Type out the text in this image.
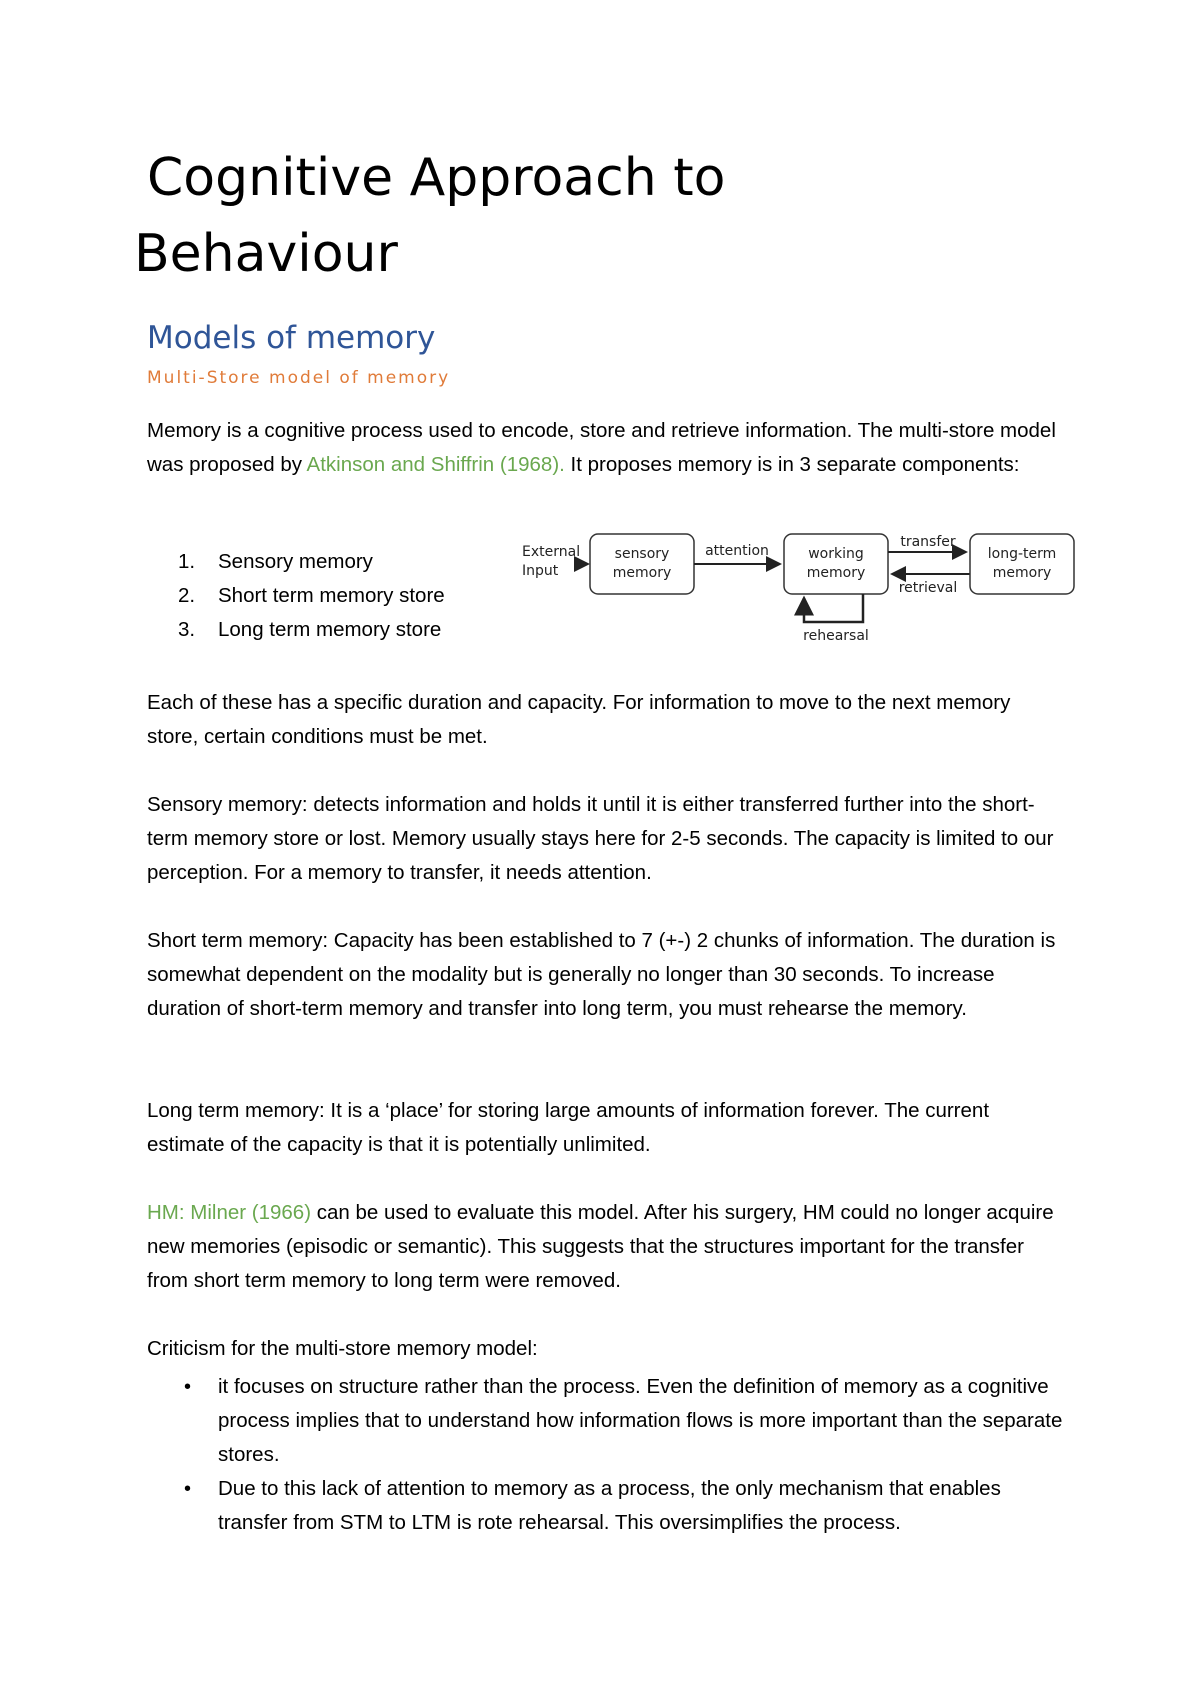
Cognitive Approach to
Behaviour
Models of memory
Multi-Store model of memory

Memory is a cognitive process used to encode, store and retrieve information. The multi-store model was proposed by Atkinson and Shiffrin (1968). It proposes memory is in 3 separate components:

1. Sensory memory
2. Short term memory store
3. Long term memory store
External
Input
sensory
memory
attention	working
memory
transfer
retrieval
long-term
memory
rehearsal

Each of these has a specific duration and capacity. For information to move to the next memory store, certain conditions must be met.

Sensory memory: detects information and holds it until it is either transferred further into the short-term memory store or lost. Memory usually stays here for 2-5 seconds. The capacity is limited to our perception. For a memory to transfer, it needs attention.

Short term memory: Capacity has been established to 7 (+-) 2 chunks of information. The duration is somewhat dependent on the modality but is generally no longer than 30 seconds. To increase duration of short-term memory and transfer into long term, you must rehearse the memory.

Long term memory: It is a ‘place’ for storing large amounts of information forever. The current estimate of the capacity is that it is potentially unlimited.

HM: Milner (1966) can be used to evaluate this model. After his surgery, HM could no longer acquire new memories (episodic or semantic). This suggests that the structures important for the transfer from short term memory to long term were removed.

Criticism for the multi-store memory model:

• it focuses on structure rather than the process. Even the definition of memory as a cognitive process implies that to understand how information flows is more important than the separate stores.
• Due to this lack of attention to memory as a process, the only mechanism that enables transfer from STM to LTM is rote rehearsal. This oversimplifies the process.
